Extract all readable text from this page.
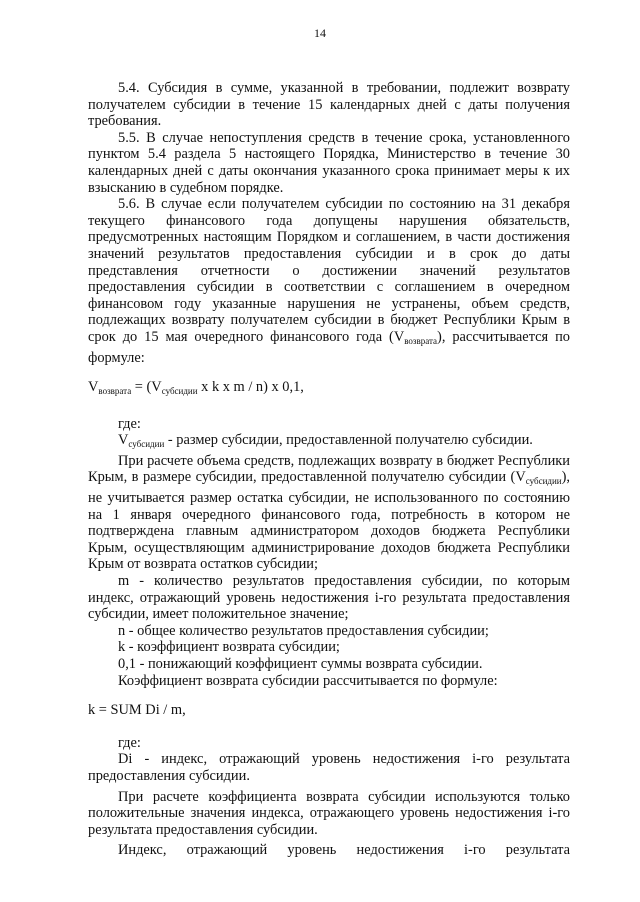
14

5.4. Субсидия в сумме, указанной в требовании, подлежит возврату получателем субсидии в течение 15 календарных дней с даты получения требования.

5.5. В случае непоступления средств в течение срока, установленного пунктом 5.4 раздела 5 настоящего Порядка, Министерство в течение 30 календарных дней с даты окончания указанного срока принимает меры к их взысканию в судебном порядке.

5.6. В случае если получателем субсидии по состоянию на 31 декабря текущего финансового года допущены нарушения обязательств, предусмотренных настоящим Порядком и соглашением, в части достижения значений результатов предоставления субсидии и в срок до даты представления отчетности о достижении значений результатов предоставления субсидии в соответствии с соглашением в очередном финансовом году указанные нарушения не устранены, объем средств, подлежащих возврату получателем субсидии в бюджет Республики Крым в срок до 15 мая очередного финансового года $(V_{возврата})$, рассчитывается по формуле:

$V_{возврата} = (V_{субсидии}$ x k x m / n) x 0,1,

где:

$V_{субсидии}$ - размер субсидии, предоставленной получателю субсидии.

При расчете объема средств, подлежащих возврату в бюджет Республики Крым, в размере субсидии, предоставленной получателю субсидии $(V_{субсидии})$, не учитывается размер остатка субсидии, не использованного по состоянию на 1 января очередного финансового года, потребность в котором не подтверждена главным администратором доходов бюджета Республики Крым, осуществляющим администрирование доходов бюджета Республики Крым от возврата остатков субсидии;

m - количество результатов предоставления субсидии, по которым индекс, отражающий уровень недостижения i-го результата предоставления субсидии, имеет положительное значение;

n - общее количество результатов предоставления субсидии;

k - коэффициент возврата субсидии;

0,1 - понижающий коэффициент суммы возврата субсидии.

Коэффициент возврата субсидии рассчитывается по формуле:

k = SUM Di / m,

где:

Di - индекс, отражающий уровень недостижения i-го результата предоставления субсидии.

При расчете коэффициента возврата субсидии используются только положительные значения индекса, отражающего уровень недостижения i-го результата предоставления субсидии.

Индекс, отражающий уровень недостижения i-го результата
